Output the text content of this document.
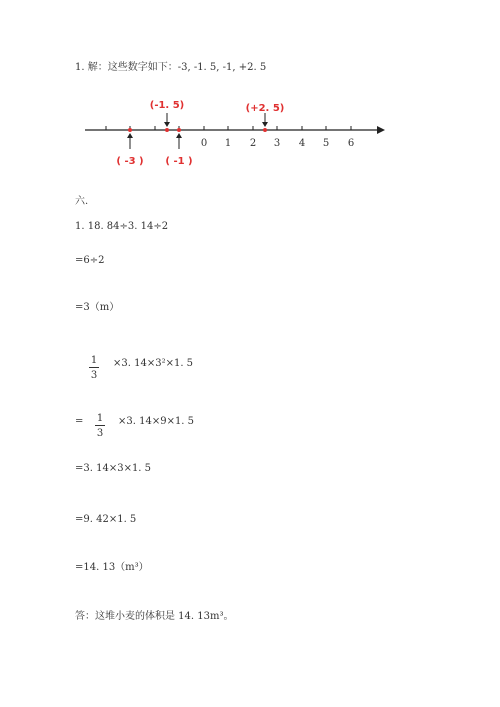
1. 解：这些数字如下：-3, -1. 5, -1, +2. 5
0 1 2 3 4 5 6
(-1. 5)	(+2. 5)
( -3 ) ( -1 )
六.
1. 18. 84÷3. 14÷2
=6÷2
=3（m）
$\frac{1}{3} \times 3$. 14×3²×1. 5
= $\frac{1}{3} \times 3$. 14×9×1. 5
=3. 14×3×1. 5
=9. 42×1. 5
=14. 13（m³）
答：这堆小麦的体积是 14. 13m³。
